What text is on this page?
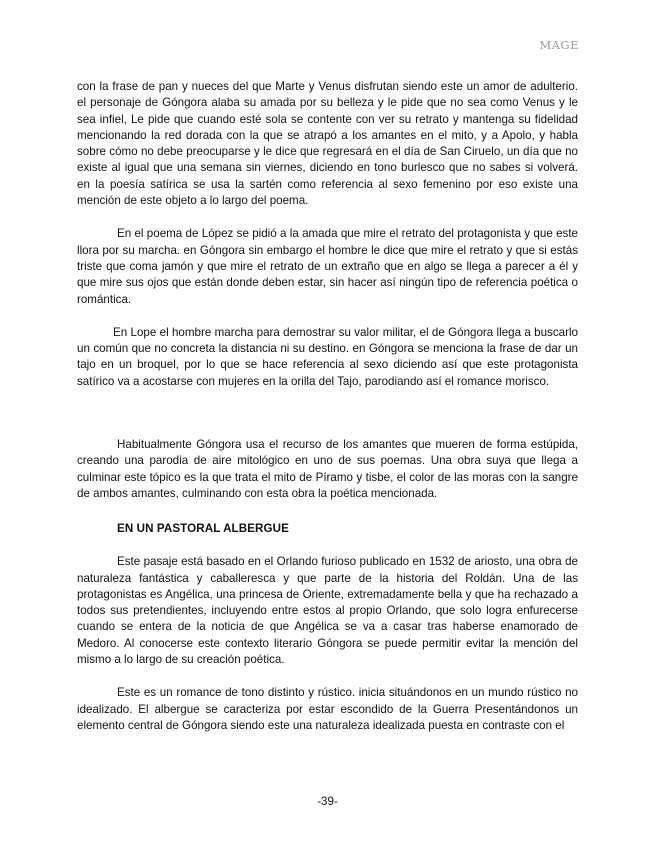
MAGE

con la frase de pan y nueces del que Marte y Venus disfrutan siendo este un amor de adulterio. el personaje de Góngora alaba su amada por su belleza y le pide que no sea como Venus y le sea infiel, Le pide que cuando esté sola se contente con ver su retrato y mantenga su fidelidad mencionando la red dorada con la que se atrapó a los amantes en el mito, y a Apolo, y habla sobre cómo no debe preocuparse y le dice que regresará en el día de San Ciruelo, un día que no existe al igual que una semana sin viernes, diciendo en tono burlesco que no sabes si volverá. en la poesía satírica se usa la sartén como referencia al sexo femenino por eso existe una mención de este objeto a lo largo del poema.

En el poema de López se pidió a la amada que mire el retrato del protagonista y que este llora por su marcha. en Góngora sin embargo el hombre le dice que mire el retrato y que si estás triste que coma jamón y que mire el retrato de un extraño que en algo se llega a parecer a él y que mire sus ojos que están donde deben estar, sin hacer así ningún tipo de referencia poética o romántica.

En Lope el hombre marcha para demostrar su valor militar, el de Góngora llega a buscarlo un común que no concreta la distancia ni su destino. en Góngora se menciona la frase de dar un tajo en un broquel, por lo que se hace referencia al sexo diciendo así que este protagonista satírico va a acostarse con mujeres en la orilla del Tajo, parodiando así el romance morisco.

Habitualmente Góngora usa el recurso de los amantes que mueren de forma estúpida, creando una parodia de aire mitológico en uno de sus poemas. Una obra suya que llega a culminar este tópico es la que trata el mito de Píramo y tisbe, el color de las moras con la sangre de ambos amantes, culminando con esta obra la poética mencionada.

EN UN PASTORAL ALBERGUE

Este pasaje está basado en el Orlando furioso publicado en 1532 de ariosto, una obra de naturaleza fantástica y caballeresca y que parte de la historia del Roldán. Una de las protagonistas es Angélica, una princesa de Oriente, extremadamente bella y que ha rechazado a todos sus pretendientes, incluyendo entre estos al propio Orlando, que solo logra enfurecerse cuando se entera de la noticia de que Angélica se va a casar tras haberse enamorado de Medoro. Al conocerse este contexto literario Góngora se puede permitir evitar la mención del mismo a lo largo de su creación poética.

Este es un romance de tono distinto y rústico. inicia situándonos en un mundo rústico no idealizado. El albergue se caracteriza por estar escondido de la Guerra Presentándonos un elemento central de Góngora siendo este una naturaleza idealizada puesta en contraste con el

-39-
